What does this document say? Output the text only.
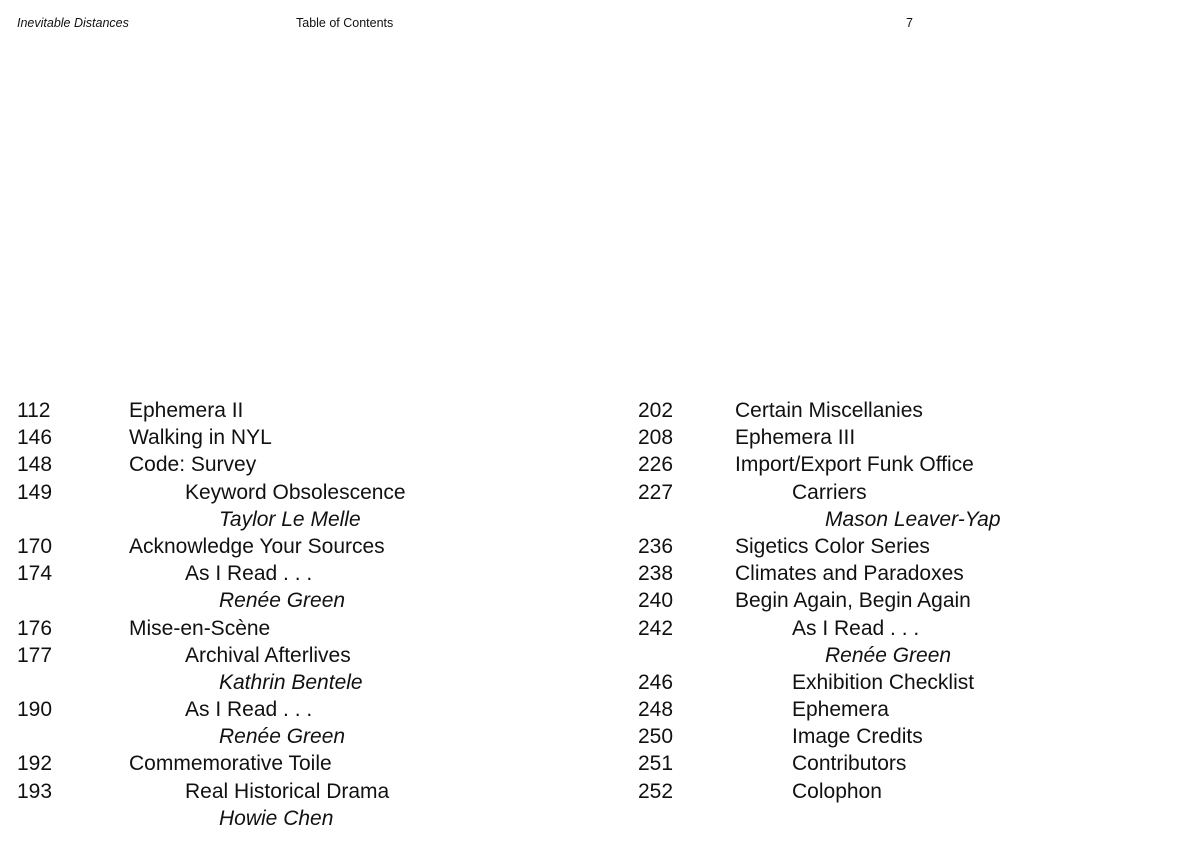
Inevitable Distances	Table of Contents	7
112	Ephemera II
146	Walking in NYL
148	Code: Survey
149	Keyword Obsolescence
Taylor Le Melle
170	Acknowledge Your Sources
174	As I Read . . .
Renée Green
176	Mise-en-Scène
177	Archival Afterlives
Kathrin Bentele
190	As I Read . . .
Renée Green
192	Commemorative Toile
193	Real Historical Drama
Howie Chen
202	Certain Miscellanies
208	Ephemera III
226	Import/Export Funk Office
227	Carriers
Mason Leaver-Yap
236	Sigetics Color Series
238	Climates and Paradoxes
240	Begin Again, Begin Again
242	As I Read . . .
Renée Green
246	Exhibition Checklist
248	Ephemera
250	Image Credits
251	Contributors
252	Colophon
